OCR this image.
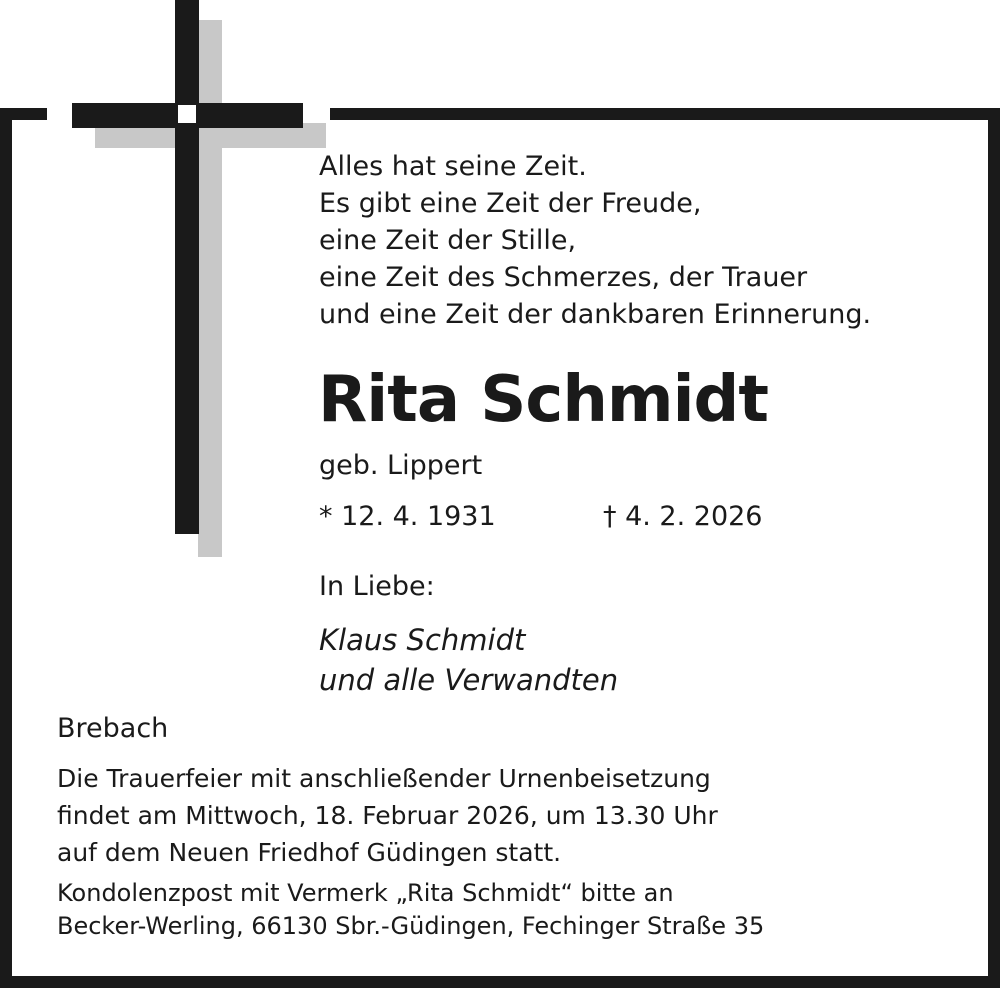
Alles hat seine Zeit.
Es gibt eine Zeit der Freude,
eine Zeit der Stille,
eine Zeit des Schmerzes, der Trauer
und eine Zeit der dankbaren Erinnerung.
Rita Schmidt
geb. Lippert
* 12. 4. 1931	† 4. 2. 2026
In Liebe:
Klaus Schmidt
und alle Verwandten
Brebach
Die Trauerfeier mit anschließender Urnenbeisetzung
findet am Mittwoch, 18. Februar 2026, um 13.30 Uhr
auf dem Neuen Friedhof Güdingen statt.
Kondolenzpost mit Vermerk „Rita Schmidt“ bitte an
Becker-Werling, 66130 Sbr.-Güdingen, Fechinger Straße 35
